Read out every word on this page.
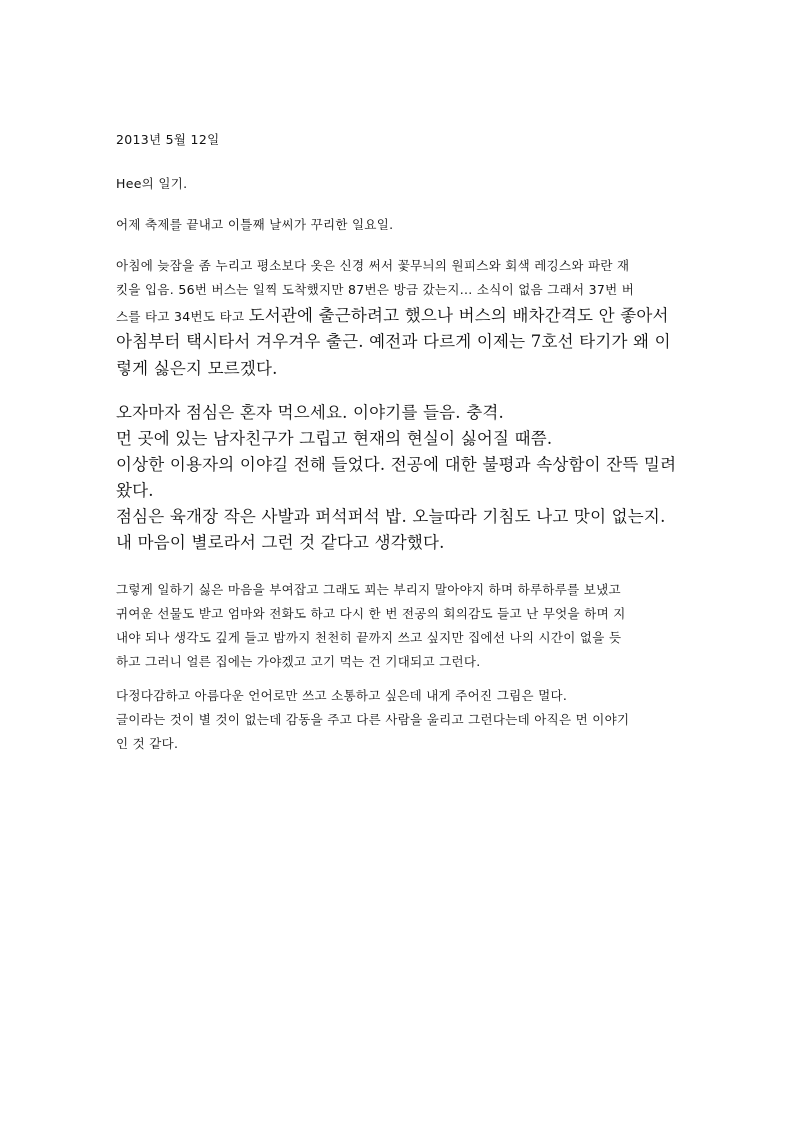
2013년 5월 12일

Hee의 일기.

어제 축제를 끝내고 이틀째 날씨가 꾸리한 일요일.

아침에 늦잠을 좀 누리고 평소보다 옷은 신경 써서 꽃무늬의 원피스와 회색 레깅스와 파란 재
킷을 입음. 56번 버스는 일찍 도착했지만 87번은 방금 갔는지... 소식이 없음 그래서 37번 버
스를 타고 34번도 타고 도서관에 출근하려고 했으나 버스의 배차간격도 안 좋아서
아침부터 택시타서 겨우겨우 출근. 예전과 다르게 이제는 7호선 타기가 왜 이
렇게 싫은지 모르겠다.

오자마자 점심은 혼자 먹으세요. 이야기를 들음. 충격.
먼 곳에 있는 남자친구가 그립고 현재의 현실이 싫어질 때쯤.
이상한 이용자의 이야길 전해 들었다. 전공에 대한 불평과 속상함이 잔뜩 밀려
왔다.
점심은 육개장 작은 사발과 퍼석퍼석 밥. 오늘따라 기침도 나고 맛이 없는지.
내 마음이 별로라서 그런 것 같다고 생각했다.

그렇게 일하기 싫은 마음을 부여잡고 그래도 꾀는 부리지 말아야지 하며 하루하루를 보냈고
귀여운 선물도 받고 엄마와 전화도 하고 다시 한 번 전공의 회의감도 들고 난 무엇을 하며 지
내야 되나 생각도 깊게 들고 밤까지 천천히 끝까지 쓰고 싶지만 집에선 나의 시간이 없을 듯
하고 그러니 얼른 집에는 가야겠고 고기 먹는 건 기대되고 그런다.

다정다감하고 아름다운 언어로만 쓰고 소통하고 싶은데 내게 주어진 그림은 멀다.
글이라는 것이 별 것이 없는데 감동을 주고 다른 사람을 울리고 그런다는데 아직은 먼 이야기
인 것 같다.
